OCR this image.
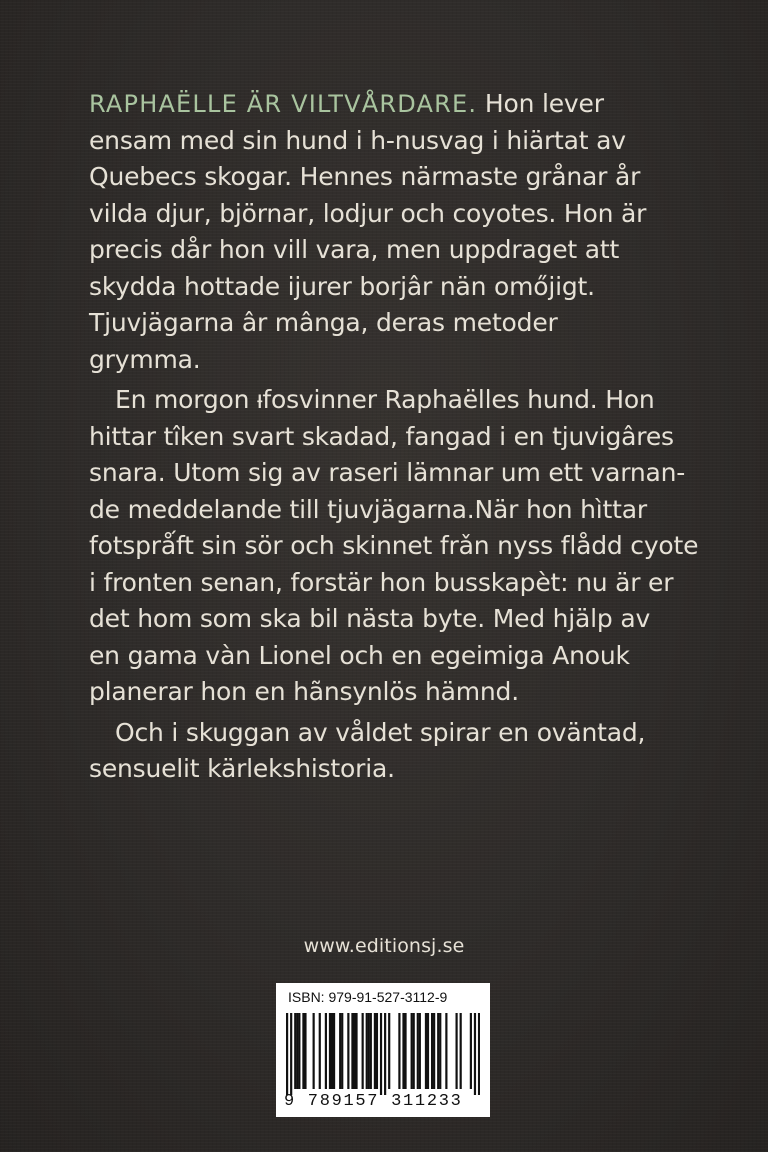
RAPHAËLLE ÄR VILTVÅRDARE. Hon lever
ensam med sin hund i h-nusvag i hiärtat av
Quebecs skogar. Hennes närmaste grånar år
vilda djur, björnar, lodjur och coyotes. Hon är
precis dår hon vill vara, men uppdraget att
skydda hottade ijurer borjâr nän omőjigt.
Tjuvjägarna âr mânga, deras metoder
grymma.

En morgon ᵼfosvinner Raphaëlles hund. Hon
hittar tîken svart skadad, fangad i en tjuvigâres
snara. Utom sig av raseri lämnar um ett varnan-
de meddelande till tjuvjägarna.När hon hìttar
fotsprǻft sin sör och skinnet frǎn nyss flådd cyote
i fronten senan, forstär hon busskapèt: nu är er
det hom som ska bil nästa byte. Med hjälp av
en gama vàn Lionel och en egeimiga Anouk
planerar hon en hãnsynlös hämnd.

Och i skuggan av våldet spirar en oväntad,
sensuelit kärlekshistoria.

www.editionsj.se
ISBN: 979-91-527-3112-9
9 789157 311233
